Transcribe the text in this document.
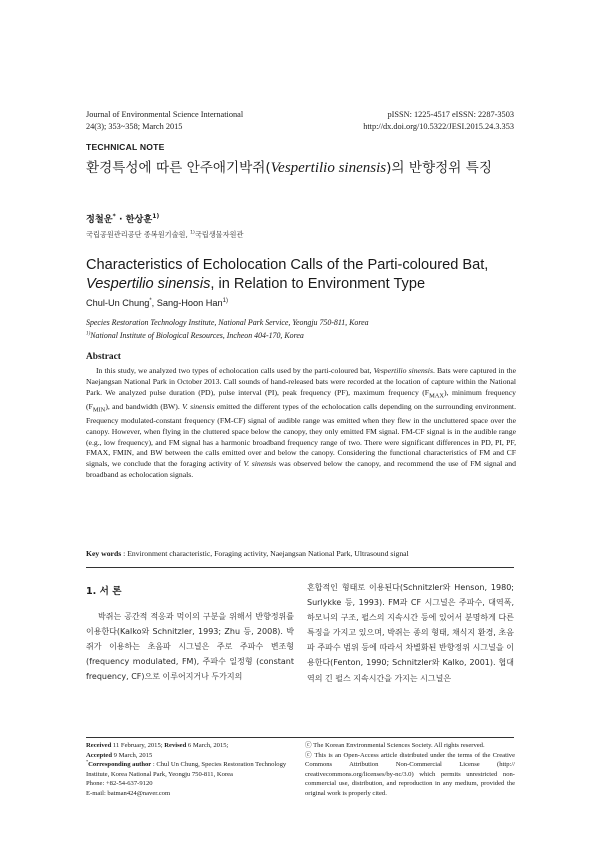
Journal of Environmental Science International
24(3); 353~358; March 2015
pISSN: 1225-4517 eISSN: 2287-3503
http://dx.doi.org/10.5322/JESI.2015.24.3.353
TECHNICAL NOTE
환경특성에 따른 안주애기박쥐(Vespertilio sinensis)의 반향정위 특징
정철운* · 한상훈$^{1)}$
국립공원관리공단 종복원기술원, $^{1)}$국립생물자원관
Characteristics of Echolocation Calls of the Parti-coloured Bat,
Vespertilio sinensis, in Relation to Environment Type
Chul-Un Chung*, Sang-Hoon Han$^{1)}$
Species Restoration Technology Institute, National Park Service, Yeongju 750-811, Korea
$^{1)}$National Institute of Biological Resources, Incheon 404-170, Korea
Abstract
In this study, we analyzed two types of echolocation calls used by the parti-coloured bat, Vespertilio sinensis. Bats were captured in the Naejangsan National Park in October 2013. Call sounds of hand-released bats were recorded at the location of capture within the National Park. We analyzed pulse duration (PD), pulse interval (PI), peak frequency (PF), maximum frequency $(F_{MAX})$, minimum frequency $(F_{MIN})$, and bandwidth (BW). V. sinensis emitted the different types of the echolocation calls depending on the surrounding environment. Frequency modulated-constant frequency (FM-CF) signal of audible range was emitted when they flew in the uncluttered space over the canopy. However, when flying in the cluttered space below the canopy, they only emitted FM signal. FM-CF signal is in the audible range (e.g., low frequency), and FM signal has a harmonic broadband frequency range of two. There were significant differences in PD, PI, PF, FMAX, FMIN, and BW between the calls emitted over and below the canopy. Considering the functional characteristics of FM and CF signals, we conclude that the foraging activity of V. sinensis was observed below the canopy, and recommend the use of FM signal and broadband as echolocation signals.
Key words : Environment characteristic, Foraging activity, Naejangsan National Park, Ultrasound signal
1. 서 론
박쥐는 공간적 적응과 먹이의 구분을 위해서 반향정위를 이용한다(Kalko와 Schnitzler, 1993; Zhu 등, 2008). 박쥐가 이용하는 초음파 시그널은 주로 주파수 변조형(frequency modulated, FM), 주파수 일정형 (constant frequency, CF)으로 이루어지거나 두가지의
혼합적인 형태로 이용된다(Schnitzler와 Henson, 1980; Surlykke 등, 1993). FM과 CF 시그널은 주파수, 대역폭, 하모니의 구조, 펄스의 지속시간 등에 있어서 분명하게 다른 특징을 가지고 있으며, 박쥐는 종의 형태, 채식지 환경, 초음파 주파수 범위 등에 따라서 차별화된 반향정위 시그널을 이용한다(Fenton, 1990; Schnitzler와 Kalko, 2001). 협대역의 긴 펄스 지속시간을 가지는 시그널은
Received 11 February, 2015; Revised 6 March, 2015;
Accepted 9 March, 2015
*Corresponding author : Chul Un Chung, Species Restoration Technology Institute, Korea National Park, Yeongju 750-811, Korea
Phone: +82-54-637-9120
E-mail: batman424@naver.com
ⓒ The Korean Environmental Sciences Society. All rights reserved.
ⓒ This is an Open-Access article distributed under the terms of the Creative Commons Attribution Non-Commercial License (http:// creativecommons.org/licenses/by-nc/3.0) which permits unrestricted non-commercial use, distribution, and reproduction in any medium, provided the original work is properly cited.
